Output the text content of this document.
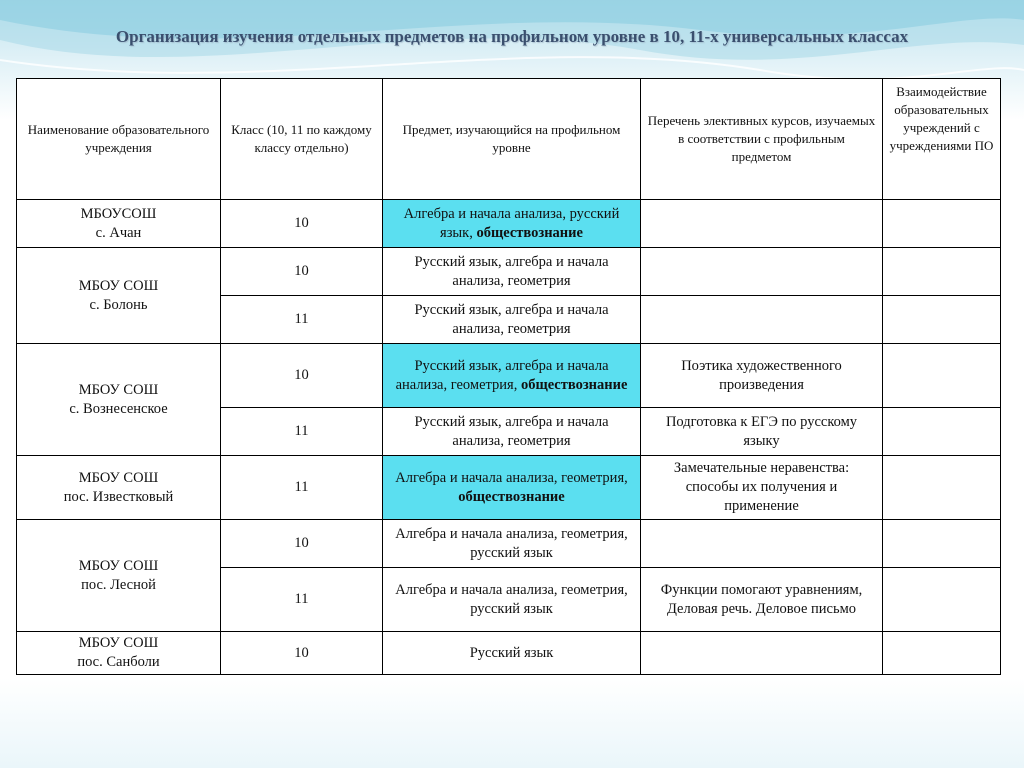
Организация изучения отдельных предметов на профильном уровне в 10, 11-х универсальных классах
Наименование образовательного учреждения	Класс (10, 11 по каждому классу отдельно)	Предмет, изучающийся на профильном уровне	Перечень элективных курсов, изучаемых в соответствии с профильным предметом	Взаимодействие образовательных учреждений с учреждениями ПО

МБОУСОШ
с. Ачан	10	Алгебра и начала анализа, русский язык, обществознание		

МБОУ СОШ
с. Болонь	10	Русский язык, алгебра и начала анализа, геометрия		
	11	Русский язык, алгебра и начала анализа, геометрия		

МБОУ СОШ
с. Вознесенское	10	Русский язык, алгебра и начала анализа, геометрия, обществознание	Поэтика художественного произведения	
	11	Русский язык, алгебра и начала анализа, геометрия	Подготовка к ЕГЭ по русскому языку	

МБОУ СОШ
пос. Известковый	11	Алгебра и начала анализа, геометрия, обществознание	Замечательные неравенства: способы их получения и применение	

МБОУ СОШ
пос. Лесной	10	Алгебра и начала анализа, геометрия, русский язык		
	11	Алгебра и начала анализа, геометрия, русский язык	Функции помогают уравнениям, Деловая речь. Деловое письмо	

МБОУ СОШ
пос. Санболи	10	Русский язык		
